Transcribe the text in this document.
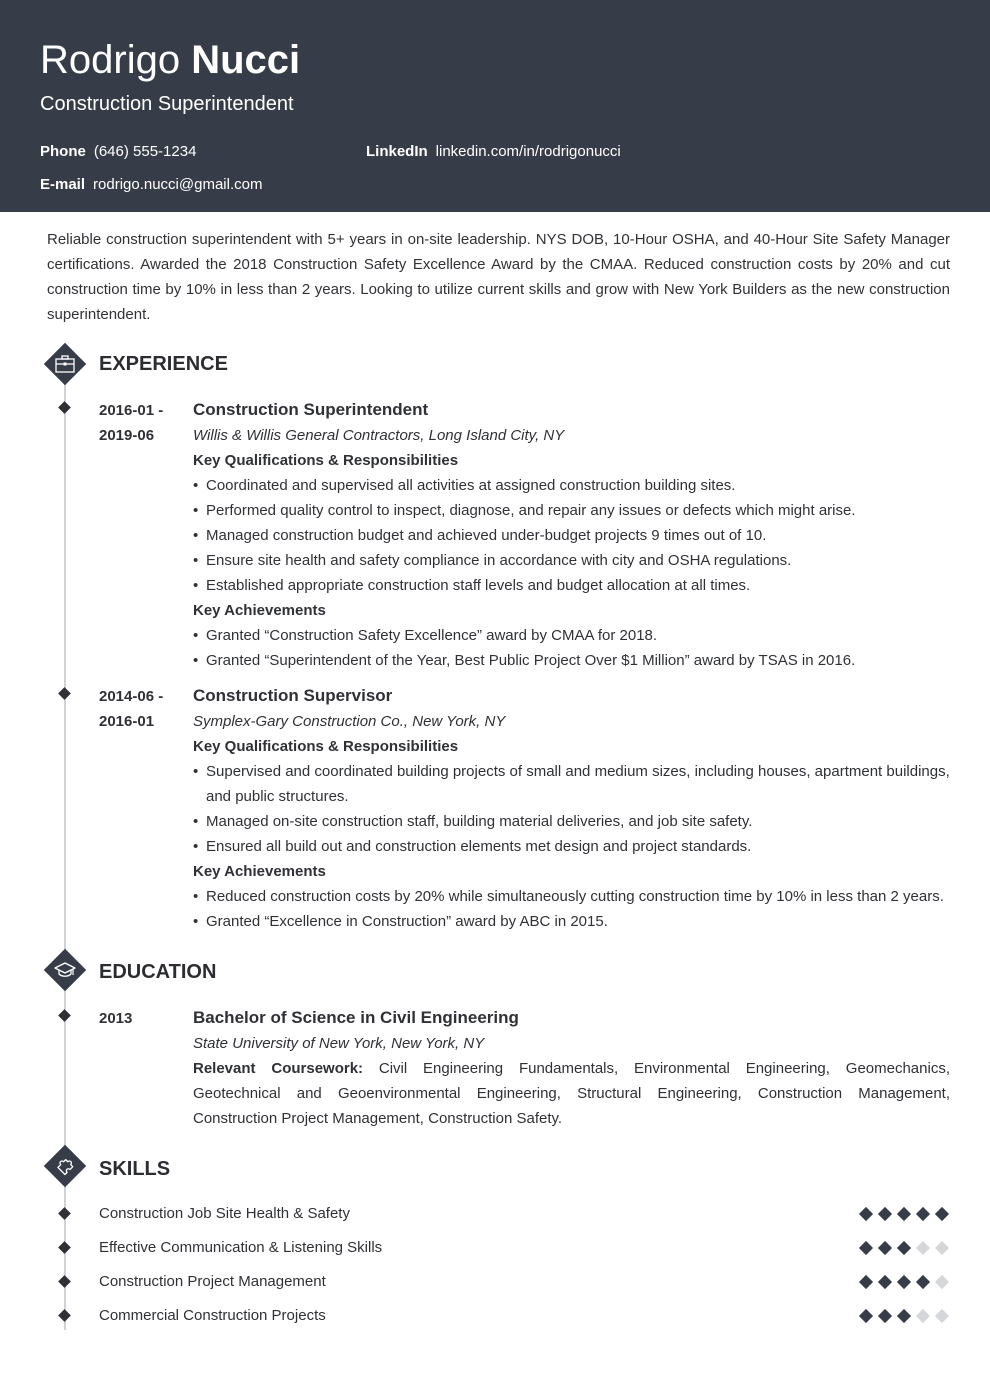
Rodrigo Nucci
Construction Superintendent
Phone (646) 555-1234	LinkedIn linkedin.com/in/rodrigonucci
E-mail rodrigo.nucci@gmail.com
Reliable construction superintendent with 5+ years in on-site leadership. NYS DOB, 10-Hour OSHA, and 40-Hour Site Safety Manager certifications. Awarded the 2018 Construction Safety Excellence Award by the CMAA. Reduced construction costs by 20% and cut construction time by 10% in less than 2 years. Looking to utilize current skills and grow with New York Builders as the new construction superintendent.
EXPERIENCE
2016-01 -
2019-06
Construction Superintendent
Willis & Willis General Contractors, Long Island City, NY
Key Qualifications & Responsibilities
• Coordinated and supervised all activities at assigned construction building sites.
• Performed quality control to inspect, diagnose, and repair any issues or defects which might arise.
• Managed construction budget and achieved under-budget projects 9 times out of 10.
• Ensure site health and safety compliance in accordance with city and OSHA regulations.
• Established appropriate construction staff levels and budget allocation at all times.
Key Achievements
• Granted “Construction Safety Excellence” award by CMAA for 2018.
• Granted “Superintendent of the Year, Best Public Project Over $1 Million” award by TSAS in 2016.
2014-06 -
2016-01
Construction Supervisor
Symplex-Gary Construction Co., New York, NY
Key Qualifications & Responsibilities
• Supervised and coordinated building projects of small and medium sizes, including houses, apartment buildings, and public structures.
• Managed on-site construction staff, building material deliveries, and job site safety.
• Ensured all build out and construction elements met design and project standards.
Key Achievements
• Reduced construction costs by 20% while simultaneously cutting construction time by 10% in less than 2 years.
• Granted “Excellence in Construction” award by ABC in 2015.
EDUCATION
2013	Bachelor of Science in Civil Engineering
State University of New York, New York, NY
Relevant Coursework: Civil Engineering Fundamentals, Environmental Engineering, Geomechanics, Geotechnical and Geoenvironmental Engineering, Structural Engineering, Construction Management, Construction Project Management, Construction Safety.
SKILLS
Construction Job Site Health & Safety
Effective Communication & Listening Skills
Construction Project Management
Commercial Construction Projects
